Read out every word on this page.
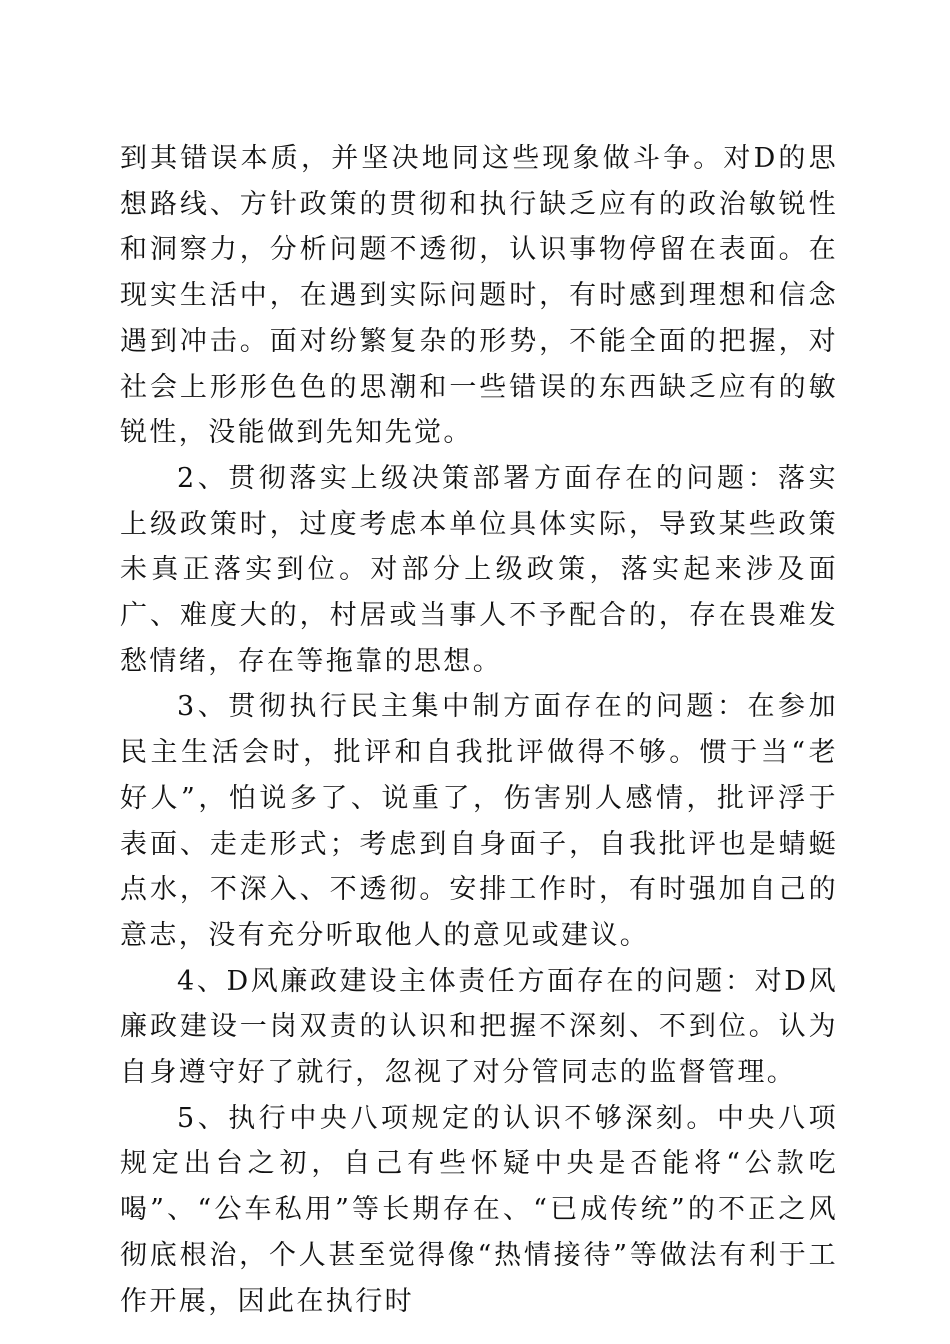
到其错误本质，并坚决地同这些现象做斗争。对D的思想路线、方针政策的贯彻和执行缺乏应有的政治敏锐性和洞察力，分析问题不透彻，认识事物停留在表面。在现实生活中，在遇到实际问题时，有时感到理想和信念遇到冲击。面对纷繁复杂的形势，不能全面的把握，对社会上形形色色的思潮和一些错误的东西缺乏应有的敏锐性，没能做到先知先觉。

2、贯彻落实上级决策部署方面存在的问题：落实上级政策时，过度考虑本单位具体实际，导致某些政策未真正落实到位。对部分上级政策，落实起来涉及面广、难度大的，村居或当事人不予配合的，存在畏难发愁情绪，存在等拖靠的思想。

3、贯彻执行民主集中制方面存在的问题：在参加民主生活会时，批评和自我批评做得不够。惯于当“老好人”，怕说多了、说重了，伤害别人感情，批评浮于表面、走走形式；考虑到自身面子，自我批评也是蜻蜓点水，不深入、不透彻。安排工作时，有时强加自己的意志，没有充分听取他人的意见或建议。

4、D风廉政建设主体责任方面存在的问题：对D风廉政建设一岗双责的认识和把握不深刻、不到位。认为自身遵守好了就行，忽视了对分管同志的监督管理。

5、执行中央八项规定的认识不够深刻。中央八项规定出台之初，自己有些怀疑中央是否能将“公款吃喝”、“公车私用”等长期存在、“已成传统”的不正之风彻底根治，个人甚至觉得像“热情接待”等做法有利于工作开展，因此在执行时
